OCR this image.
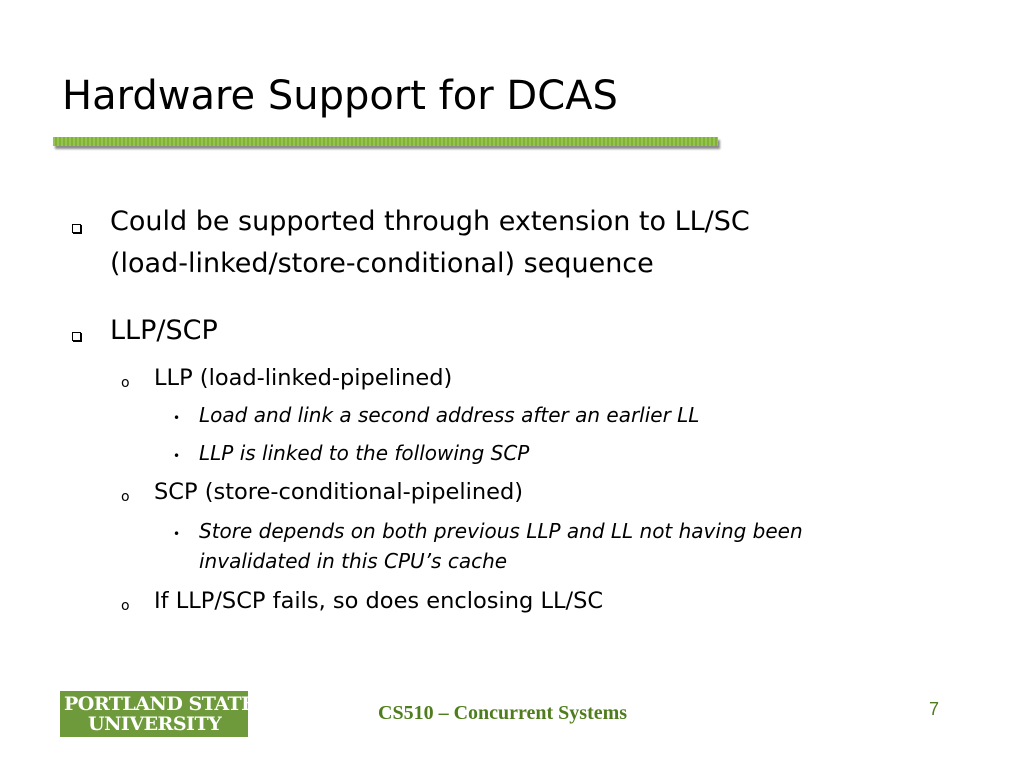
Hardware Support for DCAS
Could be supported through extension to LL/SC
(load-linked/store-conditional) sequence
LLP/SCP
o LLP (load-linked-pipelined)
• Load and link a second address after an earlier LL
• LLP is linked to the following SCP
o SCP (store-conditional-pipelined)
• Store depends on both previous LLP and LL not having been
invalidated in this CPU’s cache
o If LLP/SCP fails, so does enclosing LL/SC
PORTLAND STATE
UNIVERSITY	CS510 – Concurrent Systems	7
